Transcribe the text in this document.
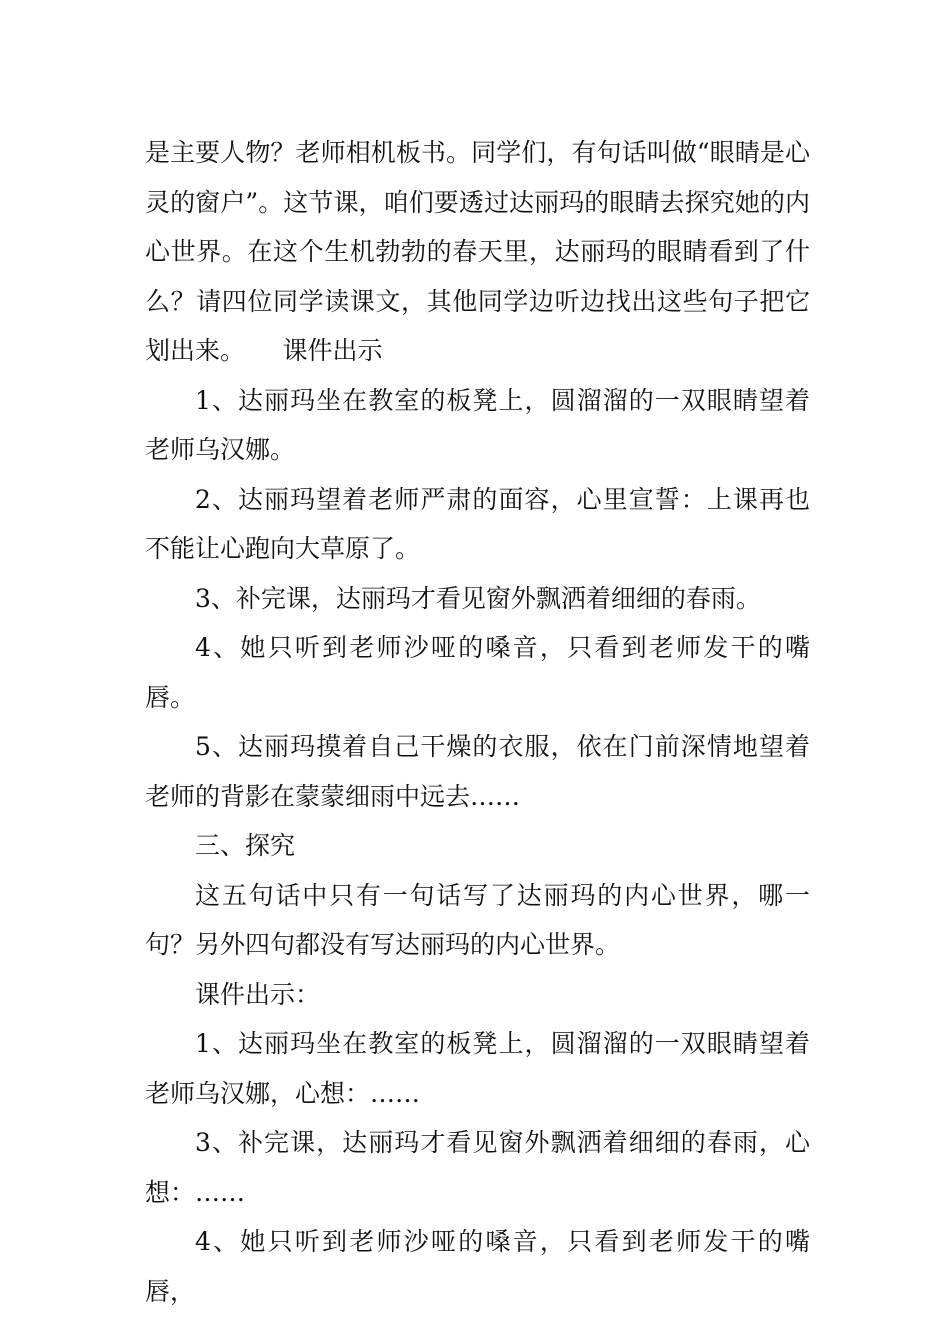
是主要人物？老师相机板书。同学们，有句话叫做“眼睛是心灵的窗户”。这节课，咱们要透过达丽玛的眼睛去探究她的内心世界。在这个生机勃勃的春天里，达丽玛的眼睛看到了什么？请四位同学读课文，其他同学边听边找出这些句子把它划出来。　　课件出示

1、达丽玛坐在教室的板凳上，圆溜溜的一双眼睛望着老师乌汉娜。

2、达丽玛望着老师严肃的面容，心里宣誓：上课再也不能让心跑向大草原了。

3、补完课，达丽玛才看见窗外飘洒着细细的春雨。

4、她只听到老师沙哑的嗓音，只看到老师发干的嘴唇。

5、达丽玛摸着自己干燥的衣服，依在门前深情地望着老师的背影在蒙蒙细雨中远去……

三、探究

这五句话中只有一句话写了达丽玛的内心世界，哪一句？另外四句都没有写达丽玛的内心世界。

课件出示：

1、达丽玛坐在教室的板凳上，圆溜溜的一双眼睛望着老师乌汉娜，心想：……

3、补完课，达丽玛才看见窗外飘洒着细细的春雨，心想：……

4、她只听到老师沙哑的嗓音，只看到老师发干的嘴唇，
